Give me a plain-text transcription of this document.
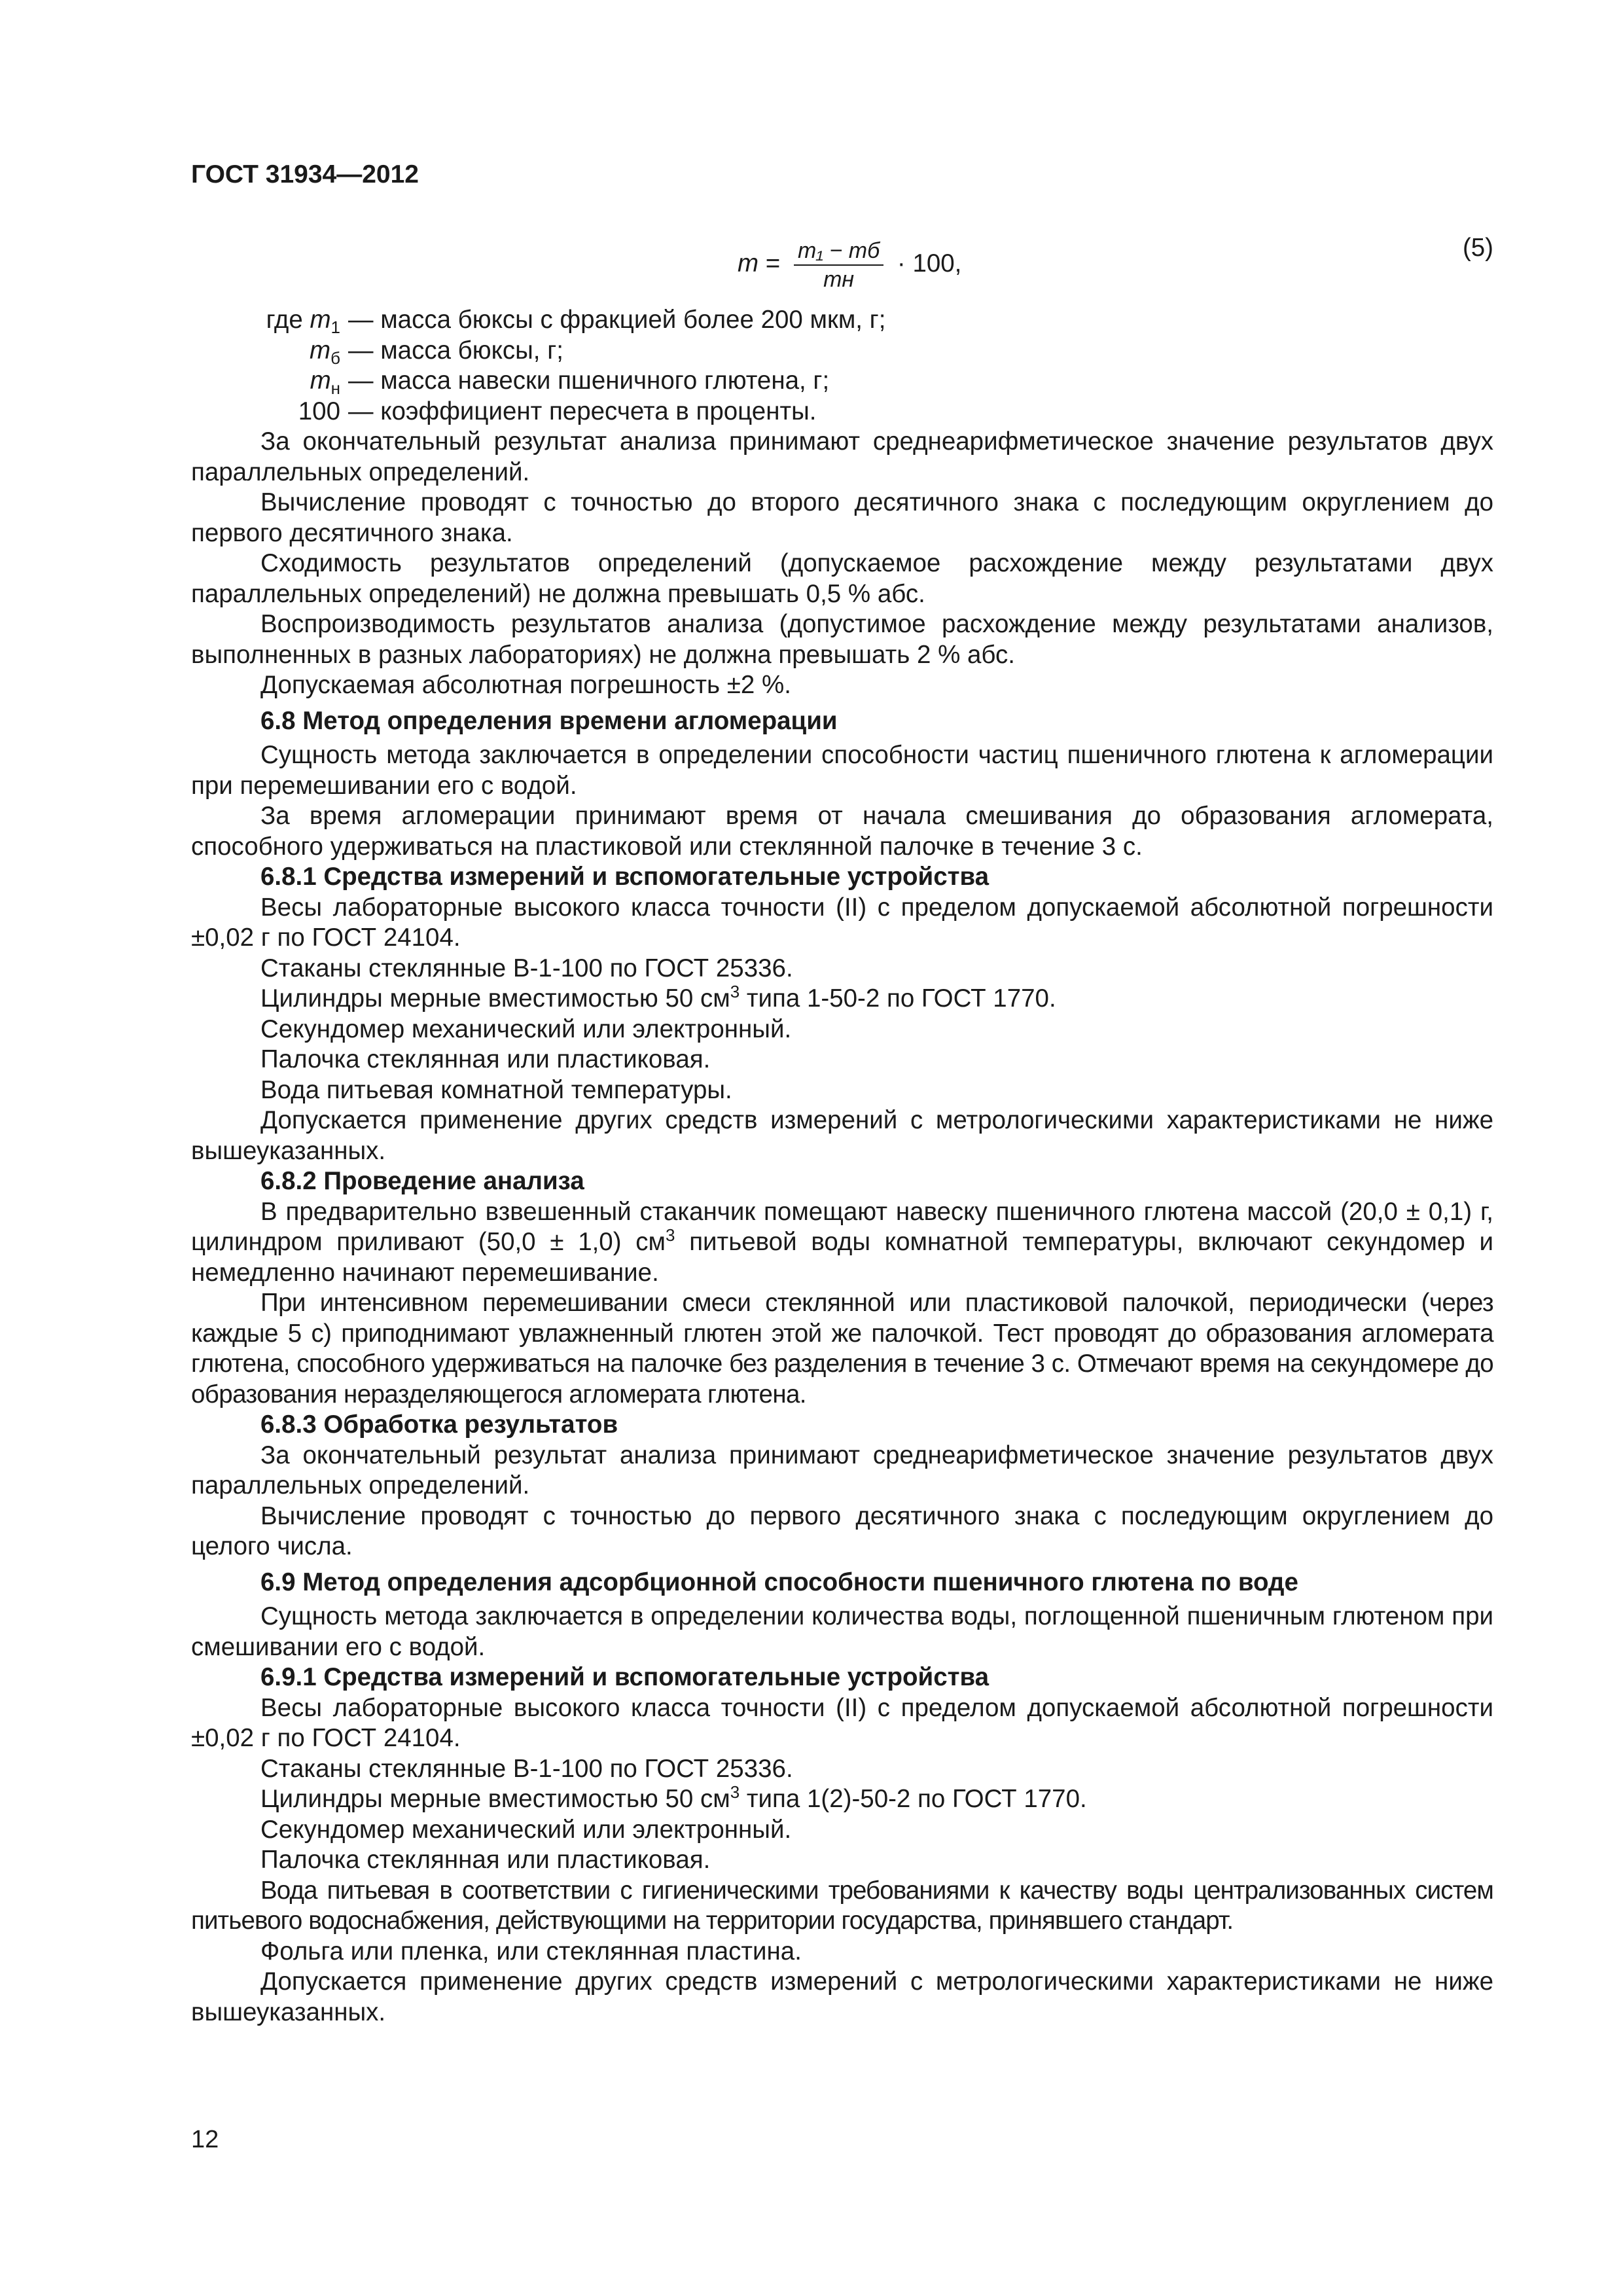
ГОСТ 31934—2012
$m = \frac{\text{m₁ − mб}}{mн} \cdot 100$,
(5)
где $m_1$ — масса бюксы с фракцией более 200 мкм, г;
$m_б$ — масса бюксы, г;
$m_н$ — масса навески пшеничного глютена, г;
100 — коэффициент пересчета в проценты.

За окончательный результат анализа принимают среднеарифметическое значение результатов двух параллельных определений.

Вычисление проводят с точностью до второго десятичного знака с последующим округлением до первого десятичного знака.

Сходимость результатов определений (допускаемое расхождение между результатами двух параллельных определений) не должна превышать 0,5 % абс.

Воспроизводимость результатов анализа (допустимое расхождение между результатами анализов, выполненных в разных лабораториях) не должна превышать 2 % абс.

Допускаемая абсолютная погрешность ±2 %.

6.8 Метод определения времени агломерации

Сущность метода заключается в определении способности частиц пшеничного глютена к агломерации при перемешивании его с водой.

За время агломерации принимают время от начала смешивания до образования агломерата, способного удерживаться на пластиковой или стеклянной палочке в течение 3 с.

6.8.1 Средства измерений и вспомогательные устройства

Весы лабораторные высокого класса точности (II) с пределом допускаемой абсолютной погрешности ±0,02 г по ГОСТ 24104.

Стаканы стеклянные В-1-100 по ГОСТ 25336.

Цилиндры мерные вместимостью 50 $см^3$ типа 1-50-2 по ГОСТ 1770.

Секундомер механический или электронный.

Палочка стеклянная или пластиковая.

Вода питьевая комнатной температуры.

Допускается применение других средств измерений с метрологическими характеристиками не ниже вышеуказанных.

6.8.2 Проведение анализа

В предварительно взвешенный стаканчик помещают навеску пшеничного глютена массой (20,0 ± 0,1) г, цилиндром приливают (50,0 ± 1,0) $см^3$ питьевой воды комнатной температуры, включают секундомер и немедленно начинают перемешивание.

При интенсивном перемешивании смеси стеклянной или пластиковой палочкой, периодически (через каждые 5 с) приподнимают увлажненный глютен этой же палочкой. Тест проводят до образования агломерата глютена, способного удерживаться на палочке без разделения в течение 3 с. Отмечают время на секундомере до образования неразделяющегося агломерата глютена.

6.8.3 Обработка результатов

За окончательный результат анализа принимают среднеарифметическое значение результатов двух параллельных определений.

Вычисление проводят с точностью до первого десятичного знака с последующим округлением до целого числа.

6.9 Метод определения адсорбционной способности пшеничного глютена по воде

Сущность метода заключается в определении количества воды, поглощенной пшеничным глютеном при смешивании его с водой.

6.9.1 Средства измерений и вспомогательные устройства

Весы лабораторные высокого класса точности (II) с пределом допускаемой абсолютной погрешности ±0,02 г по ГОСТ 24104.

Стаканы стеклянные В-1-100 по ГОСТ 25336.

Цилиндры мерные вместимостью 50 $см^3$ типа 1(2)-50-2 по ГОСТ 1770.

Секундомер механический или электронный.

Палочка стеклянная или пластиковая.

Вода питьевая в соответствии с гигиеническими требованиями к качеству воды централизованных систем питьевого водоснабжения, действующими на территории государства, принявшего стандарт.

Фольга или пленка, или стеклянная пластина.

Допускается применение других средств измерений с метрологическими характеристиками не ниже вышеуказанных.

12
